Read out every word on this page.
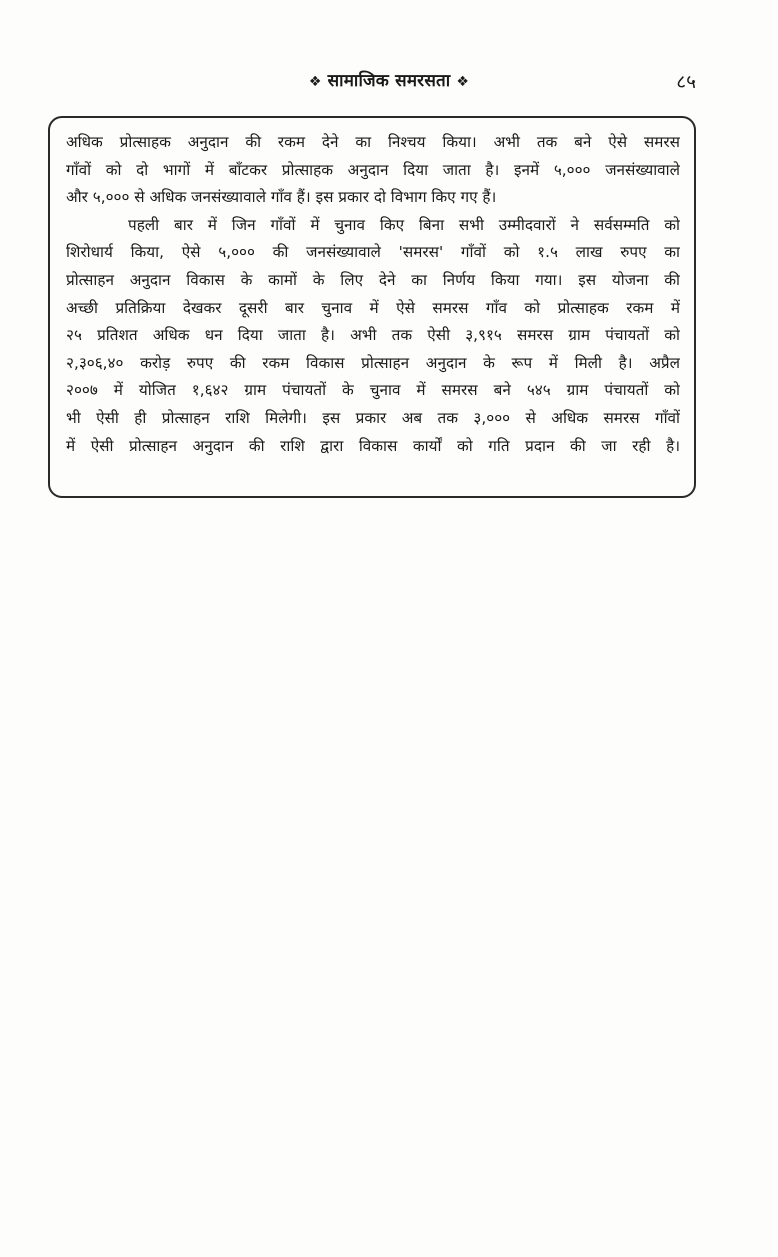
❖ सामाजिक समरसता ❖	८५
अधिक प्रोत्साहक अनुदान की रकम देने का निश्चय किया। अभी तक बने ऐसे समरस
गाँवों को दो भागों में बाँटकर प्रोत्साहक अनुदान दिया जाता है। इनमें ५,००० जनसंख्यावाले
और ५,००० से अधिक जनसंख्यावाले गाँव हैं। इस प्रकार दो विभाग किए गए हैं।
पहली बार में जिन गाँवों में चुनाव किए बिना सभी उम्मीदवारों ने सर्वसम्मति को
शिरोधार्य किया, ऐसे ५,००० की जनसंख्यावाले 'समरस' गाँवों को १.५ लाख रुपए का
प्रोत्साहन अनुदान विकास के कामों के लिए देने का निर्णय किया गया। इस योजना की
अच्छी प्रतिक्रिया देखकर दूसरी बार चुनाव में ऐसे समरस गाँव को प्रोत्साहक रकम में
२५ प्रतिशत अधिक धन दिया जाता है। अभी तक ऐसी ३,९१५ समरस ग्राम पंचायतों को
२,३०६,४० करोड़ रुपए की रकम विकास प्रोत्साहन अनुदान के रूप में मिली है। अप्रैल
२००७ में योजित १,६४२ ग्राम पंचायतों के चुनाव में समरस बने ५४५ ग्राम पंचायतों को
भी ऐसी ही प्रोत्साहन राशि मिलेगी। इस प्रकार अब तक ३,००० से अधिक समरस गाँवों
में ऐसी प्रोत्साहन अनुदान की राशि द्वारा विकास कार्यों को गति प्रदान की जा रही है।
